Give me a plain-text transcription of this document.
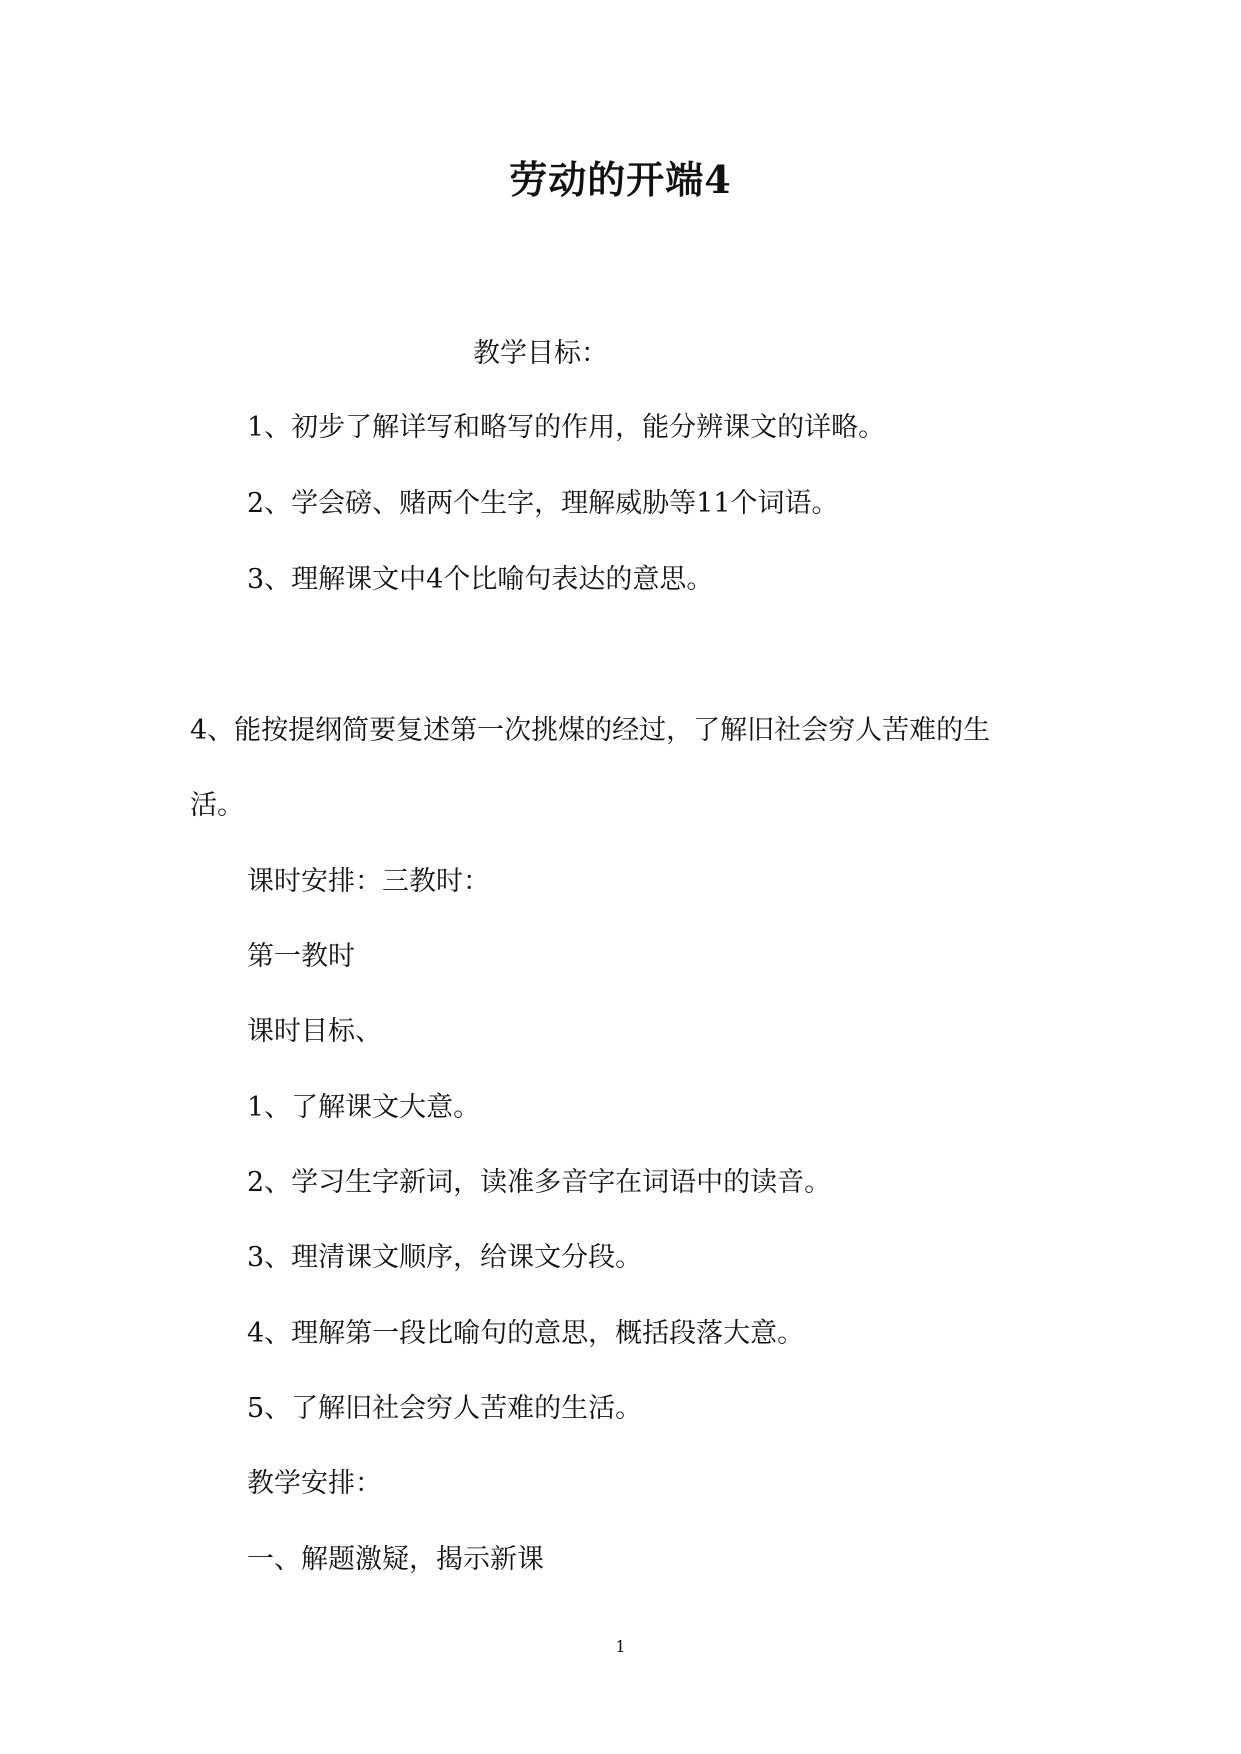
劳动的开端4
教学目标：
1、初步了解详写和略写的作用，能分辨课文的详略。
2、学会磅、赌两个生字，理解威胁等11个词语。
3、理解课文中4个比喻句表达的意思。
4、能按提纲简要复述第一次挑煤的经过，了解旧社会穷人苦难的生
活。
课时安排：三教时：
第一教时
课时目标、
1、了解课文大意。
2、学习生字新词，读准多音字在词语中的读音。
3、理清课文顺序，给课文分段。
4、理解第一段比喻句的意思，概括段落大意。
5、了解旧社会穷人苦难的生活。
教学安排：
一、解题激疑，揭示新课
1
